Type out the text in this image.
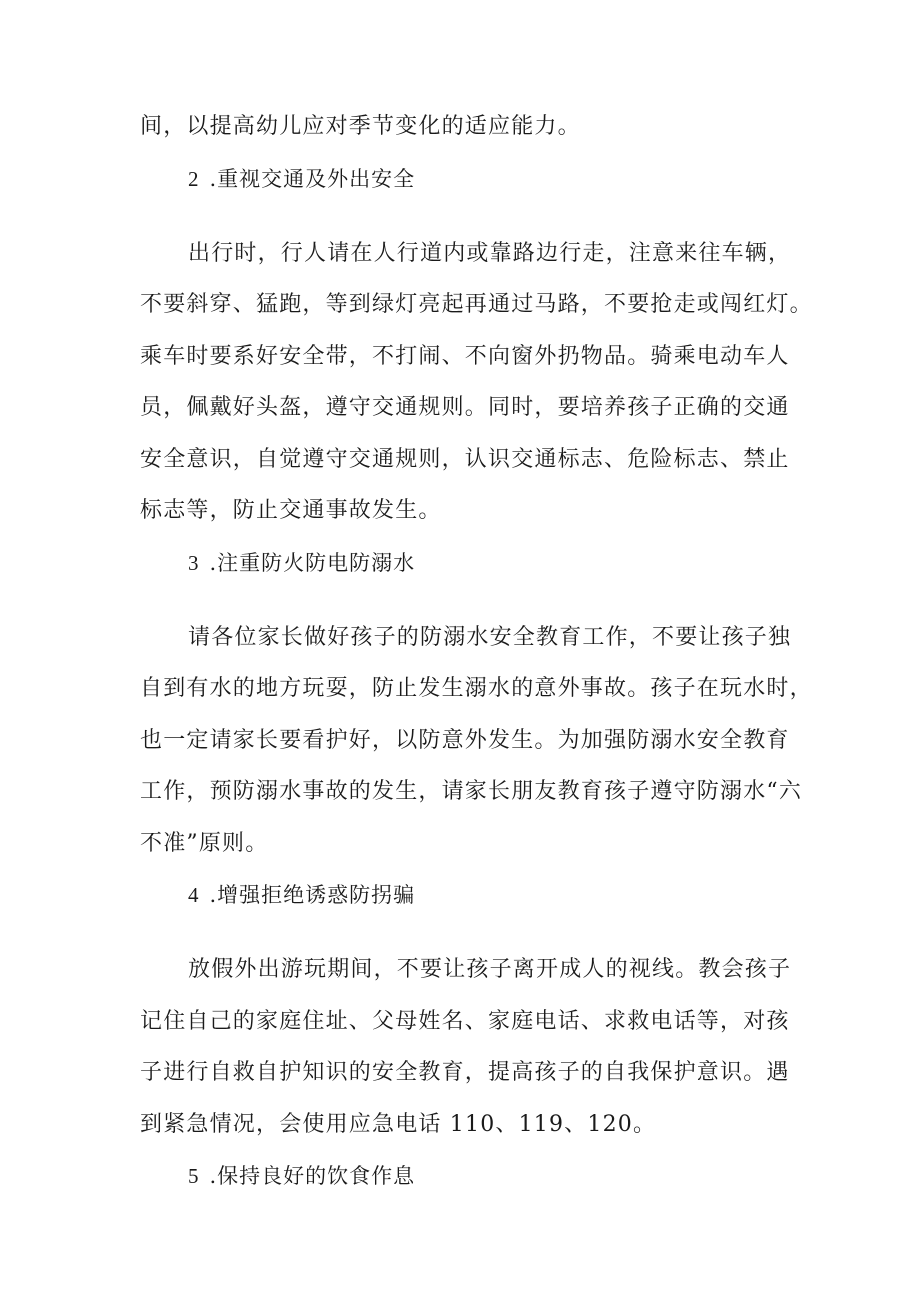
间，以提高幼儿应对季节变化的适应能力。
2 .重视交通及外出安全
出行时，行人请在人行道内或靠路边行走，注意来往车辆，
不要斜穿、猛跑，等到绿灯亮起再通过马路，不要抢走或闯红灯。
乘车时要系好安全带，不打闹、不向窗外扔物品。骑乘电动车人
员，佩戴好头盔，遵守交通规则。同时，要培养孩子正确的交通
安全意识，自觉遵守交通规则，认识交通标志、危险标志、禁止
标志等，防止交通事故发生。
3 .注重防火防电防溺水
请各位家长做好孩子的防溺水安全教育工作，不要让孩子独
自到有水的地方玩耍，防止发生溺水的意外事故。孩子在玩水时，
也一定请家长要看护好，以防意外发生。为加强防溺水安全教育
工作，预防溺水事故的发生，请家长朋友教育孩子遵守防溺水“六
不准”原则。
4 .增强拒绝诱惑防拐骗
放假外出游玩期间，不要让孩子离开成人的视线。教会孩子
记住自己的家庭住址、父母姓名、家庭电话、求救电话等，对孩
子进行自救自护知识的安全教育，提高孩子的自我保护意识。遇
到紧急情况，会使用应急电话 110、119、120。
5 .保持良好的饮食作息
